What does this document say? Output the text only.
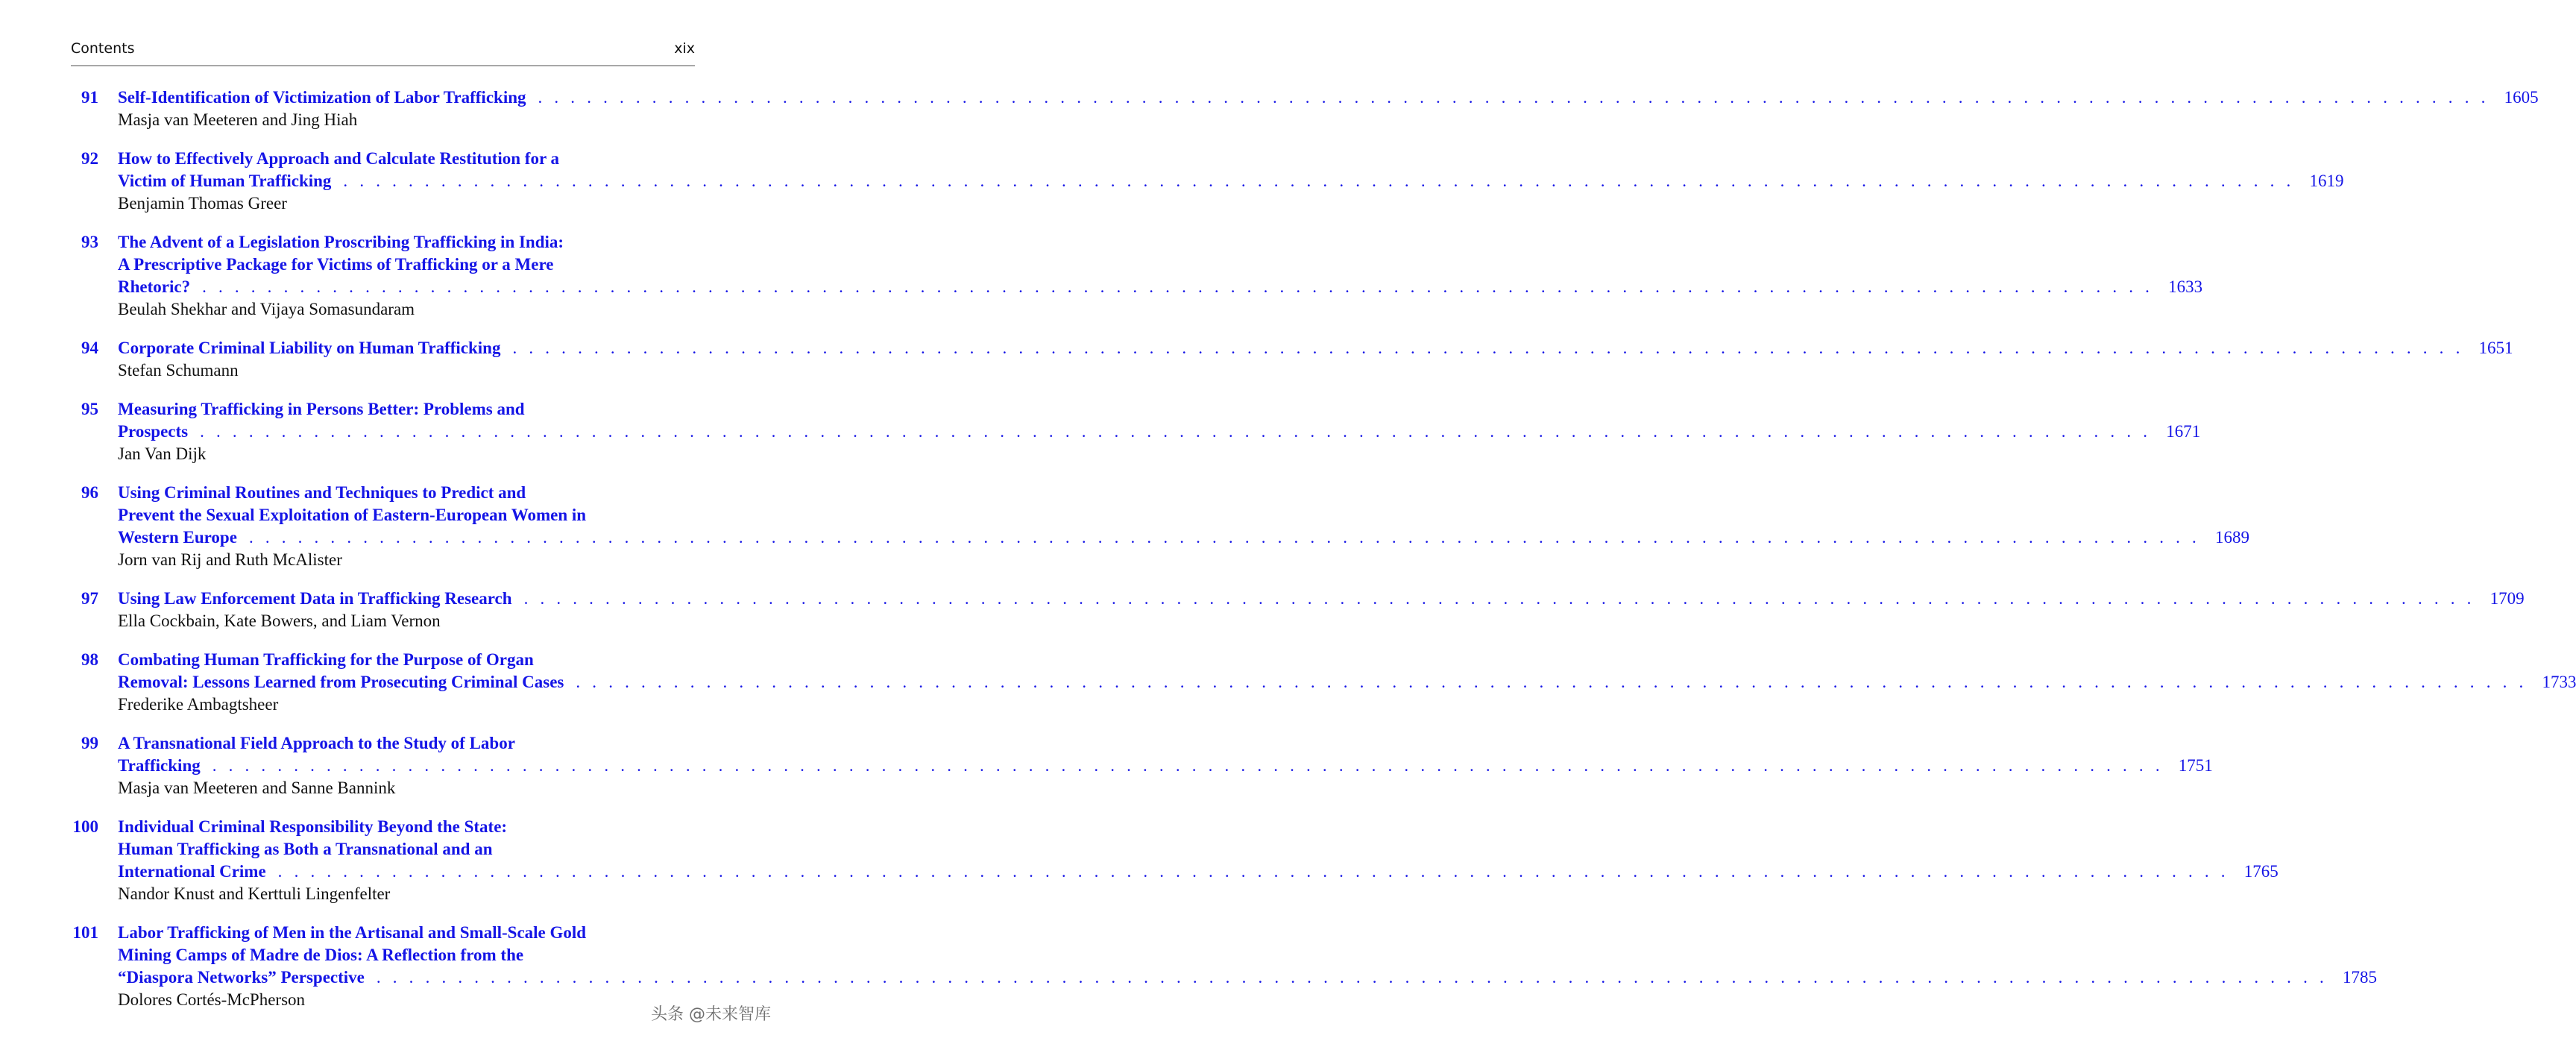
Contents	xix
91 Self-Identification of Victimization of Labor Trafficking . . . . . . . . . . . . . . . . . . . . . . . . . . . . . . . . . . . . . . . . . . . . . . . . . . . . . . . . . . . . . . . . . . . . . . . . . . . . . . . . . . . . . . . . . . . . . . . . . . . . . . . . . . . . . . . . . . . . . . . . 1605
Masja van Meeteren and Jing Hiah
92 How to Effectively Approach and Calculate Restitution for a
Victim of Human Trafficking . . . . . . . . . . . . . . . . . . . . . . . . . . . . . . . . . . . . . . . . . . . . . . . . . . . . . . . . . . . . . . . . . . . . . . . . . . . . . . . . . . . . . . . . . . . . . . . . . . . . . . . . . . . . . . . . . . . . . . . . 1619
Benjamin Thomas Greer
93 The Advent of a Legislation Proscribing Trafficking in India:
A Prescriptive Package for Victims of Trafficking or a Mere
Rhetoric? . . . . . . . . . . . . . . . . . . . . . . . . . . . . . . . . . . . . . . . . . . . . . . . . . . . . . . . . . . . . . . . . . . . . . . . . . . . . . . . . . . . . . . . . . . . . . . . . . . . . . . . . . . . . . . . . . . . . . . . . 1633
Beulah Shekhar and Vijaya Somasundaram
94 Corporate Criminal Liability on Human Trafficking . . . . . . . . . . . . . . . . . . . . . . . . . . . . . . . . . . . . . . . . . . . . . . . . . . . . . . . . . . . . . . . . . . . . . . . . . . . . . . . . . . . . . . . . . . . . . . . . . . . . . . . . . . . . . . . . . . . . . . . . 1651
Stefan Schumann
95 Measuring Trafficking in Persons Better: Problems and
Prospects . . . . . . . . . . . . . . . . . . . . . . . . . . . . . . . . . . . . . . . . . . . . . . . . . . . . . . . . . . . . . . . . . . . . . . . . . . . . . . . . . . . . . . . . . . . . . . . . . . . . . . . . . . . . . . . . . . . . . . . . 1671
Jan Van Dijk
96 Using Criminal Routines and Techniques to Predict and
Prevent the Sexual Exploitation of Eastern-European Women in
Western Europe . . . . . . . . . . . . . . . . . . . . . . . . . . . . . . . . . . . . . . . . . . . . . . . . . . . . . . . . . . . . . . . . . . . . . . . . . . . . . . . . . . . . . . . . . . . . . . . . . . . . . . . . . . . . . . . . . . . . . . . . 1689
Jorn van Rij and Ruth McAlister
97 Using Law Enforcement Data in Trafficking Research . . . . . . . . . . . . . . . . . . . . . . . . . . . . . . . . . . . . . . . . . . . . . . . . . . . . . . . . . . . . . . . . . . . . . . . . . . . . . . . . . . . . . . . . . . . . . . . . . . . . . . . . . . . . . . . . . . . . . . . . 1709
Ella Cockbain, Kate Bowers, and Liam Vernon
98 Combating Human Trafficking for the Purpose of Organ
Removal: Lessons Learned from Prosecuting Criminal Cases . . . . . . . . . . . . . . . . . . . . . . . . . . . . . . . . . . . . . . . . . . . . . . . . . . . . . . . . . . . . . . . . . . . . . . . . . . . . . . . . . . . . . . . . . . . . . . . . . . . . . . . . . . . . . . . . . . . . . . . . 1733
Frederike Ambagtsheer
99 A Transnational Field Approach to the Study of Labor
Trafficking . . . . . . . . . . . . . . . . . . . . . . . . . . . . . . . . . . . . . . . . . . . . . . . . . . . . . . . . . . . . . . . . . . . . . . . . . . . . . . . . . . . . . . . . . . . . . . . . . . . . . . . . . . . . . . . . . . . . . . . . 1751
Masja van Meeteren and Sanne Bannink
100 Individual Criminal Responsibility Beyond the State:
Human Trafficking as Both a Transnational and an
International Crime . . . . . . . . . . . . . . . . . . . . . . . . . . . . . . . . . . . . . . . . . . . . . . . . . . . . . . . . . . . . . . . . . . . . . . . . . . . . . . . . . . . . . . . . . . . . . . . . . . . . . . . . . . . . . . . . . . . . . . . . 1765
Nandor Knust and Kerttuli Lingenfelter
101 Labor Trafficking of Men in the Artisanal and Small-Scale Gold
Mining Camps of Madre de Dios: A Reflection from the
“Diaspora Networks” Perspective . . . . . . . . . . . . . . . . . . . . . . . . . . . . . . . . . . . . . . . . . . . . . . . . . . . . . . . . . . . . . . . . . . . . . . . . . . . . . . . . . . . . . . . . . . . . . . . . . . . . . . . . . . . . . . . . . . . . . . . . 1785
Dolores Cortés-McPherson
头条 @未来智库
